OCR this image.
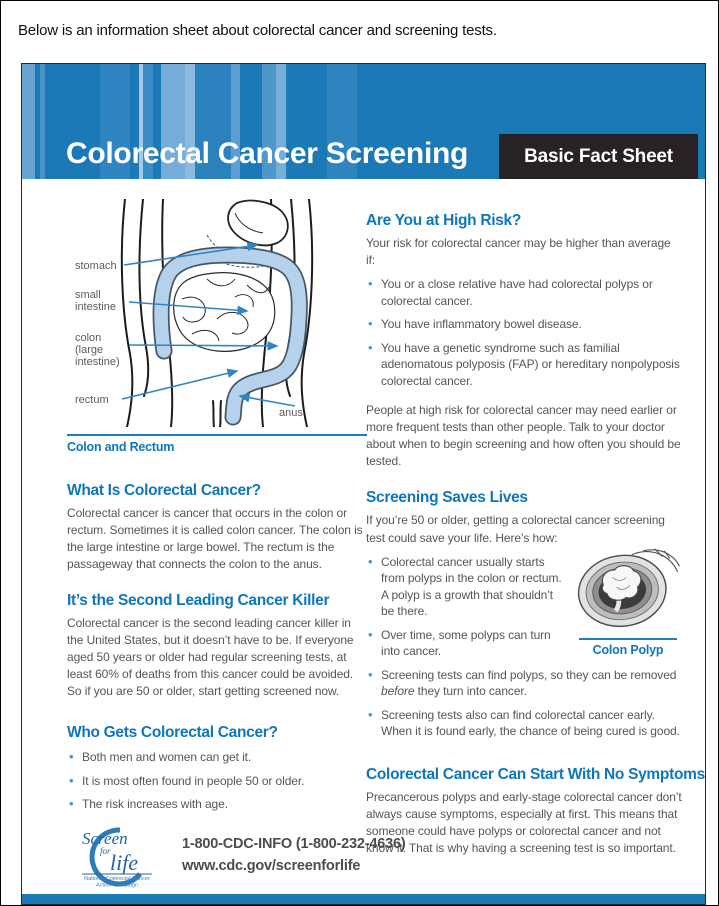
Below is an information sheet about colorectal cancer and screening tests.

Colorectal Cancer Screening	Basic Fact Sheet
stomach
small
intestine
colon
(large
intestine)
rectum
anus
Colon and Rectum
What Is Colorectal Cancer?

Colorectal cancer is cancer that occurs in the colon or rectum. Sometimes it is called colon cancer. The colon is the large intestine or large bowel. The rectum is the passageway that connects the colon to the anus.

It’s the Second Leading Cancer Killer

Colorectal cancer is the second leading cancer killer in the United States, but it doesn’t have to be. If everyone aged 50 years or older had regular screening tests, at least 60% of deaths from this cancer could be avoided. So if you are 50 or older, start getting screened now.

Who Gets Colorectal Cancer?
• Both men and women can get it.
• It is most often found in people 50 or older.
• The risk increases with age.
Are You at High Risk?

Your risk for colorectal cancer may be higher than average if:

• You or a close relative have had colorectal polyps or colorectal cancer.
• You have inflammatory bowel disease.
• You have a genetic syndrome such as familial adenomatous polyposis (FAP) or hereditary nonpolyposis colorectal cancer.

People at high risk for colorectal cancer may need earlier or more frequent tests than other people. Talk to your doctor about when to begin screening and how often you should be tested.

Screening Saves Lives

If you’re 50 or older, getting a colorectal cancer screening test could save your life. Here’s how:

Colon Polyp
• Colorectal cancer usually starts from polyps in the colon or rectum. A polyp is a growth that shouldn’t be there.
• Over time, some polyps can turn into cancer.
• Screening tests can find polyps, so they can be removed before they turn into cancer.
• Screening tests also can find colorectal cancer early. When it is found early, the chance of being cured is good.
Colorectal Cancer Can Start With No Symptoms

Precancerous polyps and early-stage colorectal cancer don’t always cause symptoms, especially at first. This means that someone could have polyps or colorectal cancer and not know it. That is why having a screening test is so important.

Screen
for life
National Colorectal Cancer
Action Campaign
1-800-CDC-INFO (1-800-232-4636)
www.cdc.gov/screenforlife
